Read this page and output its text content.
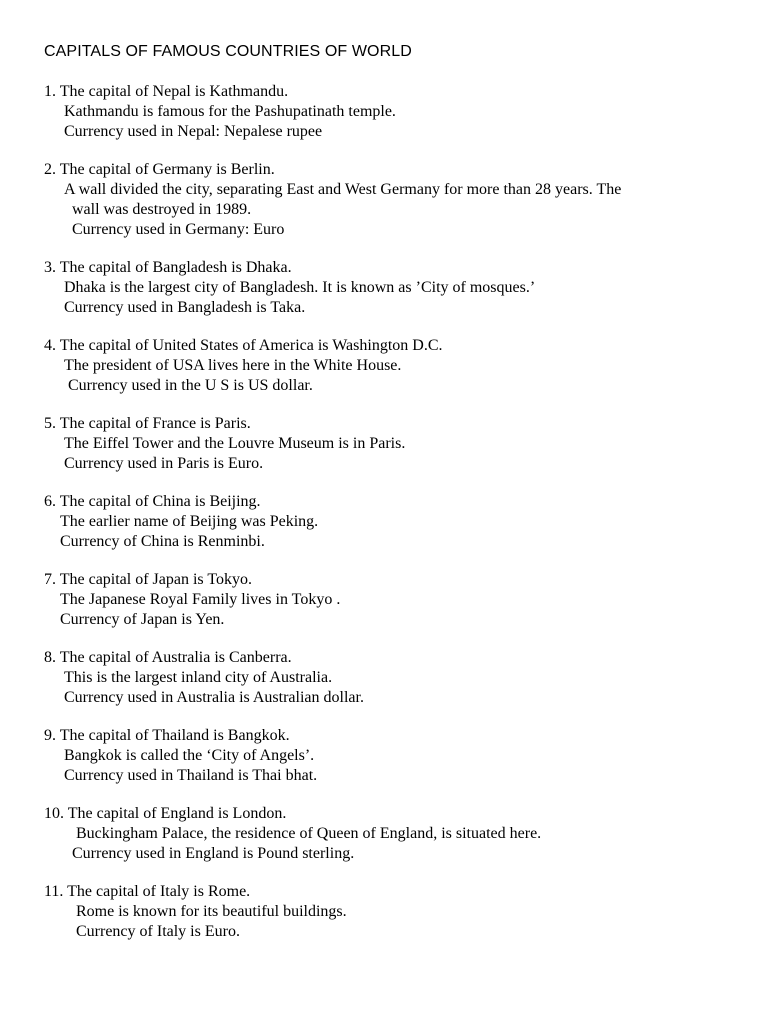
CAPITALS OF FAMOUS COUNTRIES OF WORLD
1. The capital of Nepal is Kathmandu.
Kathmandu is famous for the Pashupatinath temple.
Currency used in Nepal: Nepalese rupee
2. The capital of Germany is Berlin.
A wall divided the city, separating East and West Germany for more than 28 years. The
wall was destroyed in 1989.
Currency used in Germany: Euro
3. The capital of Bangladesh is Dhaka.
Dhaka is the largest city of Bangladesh. It is known as ’City of mosques.’
Currency used in Bangladesh is Taka.
4. The capital of United States of America is Washington D.C.
The president of USA lives here in the White House.
Currency used in the U S is US dollar.
5. The capital of France is Paris.
The Eiffel Tower and the Louvre Museum is in Paris.
Currency used in Paris is Euro.
6. The capital of China is Beijing.
The earlier name of Beijing was Peking.
Currency of China is Renminbi.
7. The capital of Japan is Tokyo.
The Japanese Royal Family lives in Tokyo .
Currency of Japan is Yen.
8. The capital of Australia is Canberra.
This is the largest inland city of Australia.
Currency used in Australia is Australian dollar.
9. The capital of Thailand is Bangkok.
Bangkok is called the ‘City of Angels’.
Currency used in Thailand is Thai bhat.
10. The capital of England is London.
Buckingham Palace, the residence of Queen of England, is situated here.
Currency used in England is Pound sterling.
11. The capital of Italy is Rome.
Rome is known for its beautiful buildings.
Currency of Italy is Euro.
